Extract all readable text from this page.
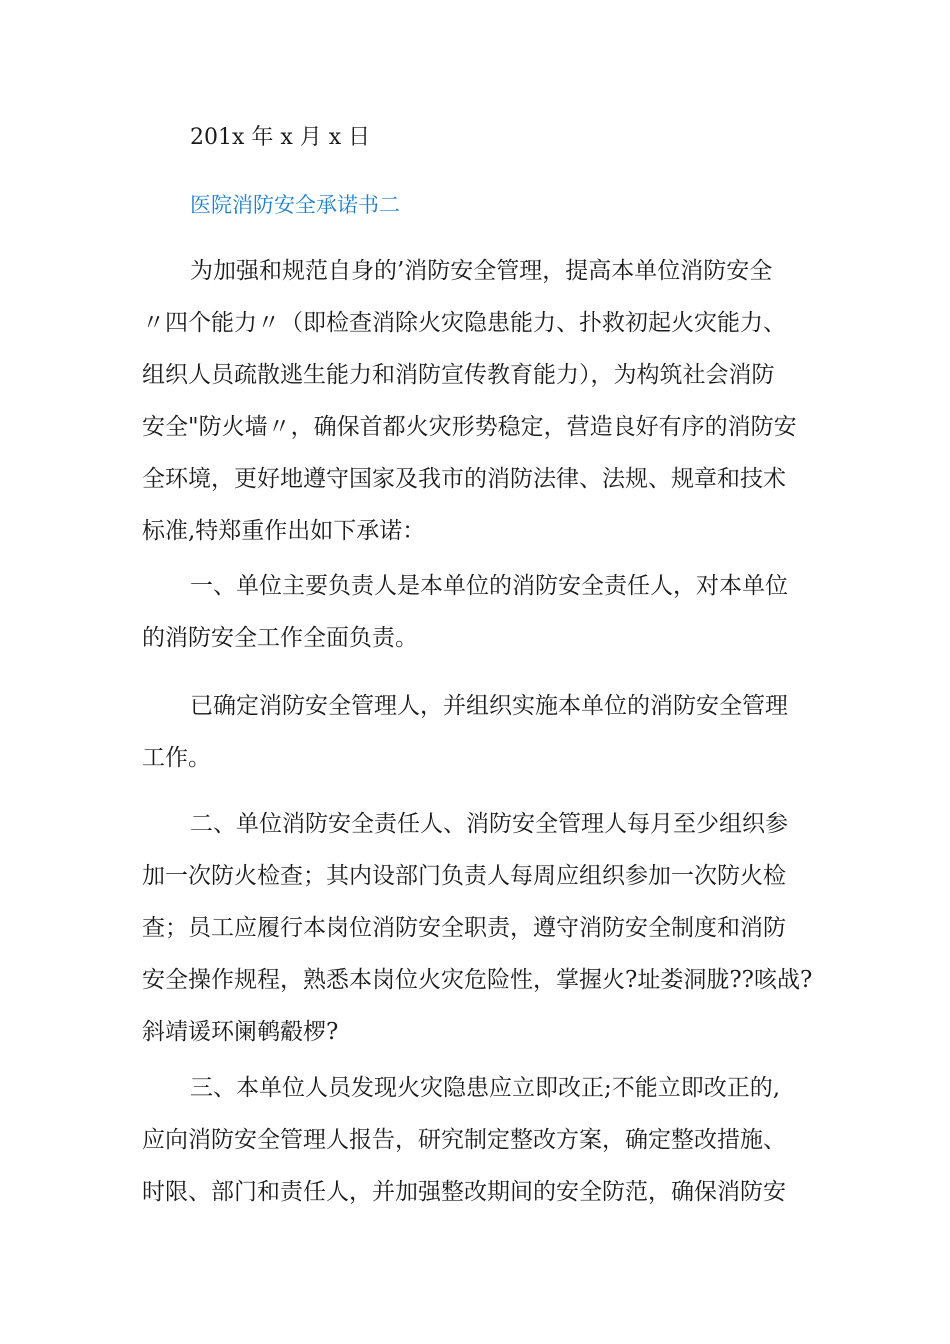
201x 年 x 月 x 日
医院消防安全承诺书二
为加强和规范自身的’消防安全管理，提高本单位消防安全
〃四个能力〃（即检查消除火灾隐患能力、扑救初起火灾能力、
组织人员疏散逃生能力和消防宣传教育能力），为构筑社会消防
安全"防火墙〃，确保首都火灾形势稳定，营造良好有序的消防安
全环境，更好地遵守国家及我市的消防法律、法规、规章和技术
标准,特郑重作出如下承诺：
一、单位主要负责人是本单位的消防安全责任人，对本单位
的消防安全工作全面负责。
已确定消防安全管理人，并组织实施本单位的消防安全管理
工作。
二、单位消防安全责任人、消防安全管理人每月至少组织参
加一次防火检查；其内设部门负责人每周应组织参加一次防火检
查；员工应履行本岗位消防安全职责，遵守消防安全制度和消防
安全操作规程，熟悉本岗位火灾危险性，掌握火?址娄洞胧??咳战?
斜靖谖环阑鹌觳椤?
三、本单位人员发现火灾隐患应立即改正;不能立即改正的,
应向消防安全管理人报告，研究制定整改方案，确定整改措施、
时限、部门和责任人，并加强整改期间的安全防范，确保消防安
